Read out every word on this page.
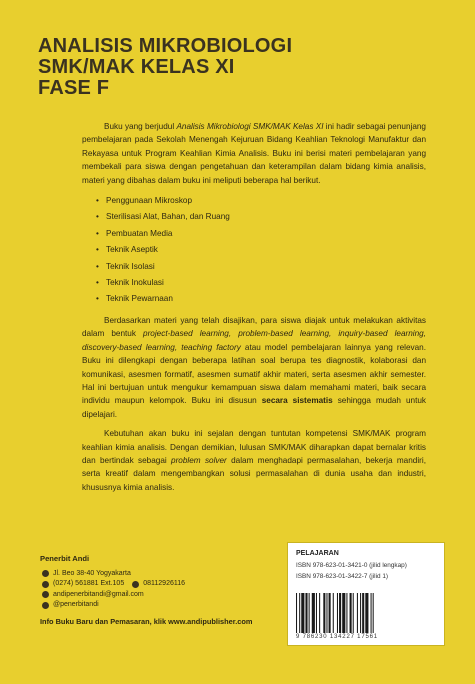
ANALISIS MIKROBIOLOGI
SMK/MAK KELAS XI
FASE F

Buku yang berjudul Analisis Mikrobiologi SMK/MAK Kelas XI ini hadir sebagai penunjang pembelajaran pada Sekolah Menengah Kejuruan Bidang Keahlian Teknologi Manufaktur dan Rekayasa untuk Program Keahlian Kimia Analisis. Buku ini berisi materi pembelajaran yang membekali para siswa dengan pengetahuan dan keterampilan dalam bidang kimia analisis, materi yang dibahas dalam buku ini meliputi beberapa hal berikut.

• Penggunaan Mikroskop
• Sterilisasi Alat, Bahan, dan Ruang
• Pembuatan Media
• Teknik Aseptik
• Teknik Isolasi
• Teknik Inokulasi
• Teknik Pewarnaan

Berdasarkan materi yang telah disajikan, para siswa diajak untuk melakukan aktivitas dalam bentuk project-based learning, problem-based learning, inquiry-based learning, discovery-based learning, teaching factory atau model pembelajaran lainnya yang relevan. Buku ini dilengkapi dengan beberapa latihan soal berupa tes diagnostik, kolaborasi dan komunikasi, asesmen formatif, asesmen sumatif akhir materi, serta asesmen akhir semester. Hal ini bertujuan untuk mengukur kemampuan siswa dalam memahami materi, baik secara individu maupun kelompok. Buku ini disusun secara sistematis sehingga mudah untuk dipelajari.

Kebutuhan akan buku ini sejalan dengan tuntutan kompetensi SMK/MAK program keahlian kimia analisis. Dengan demikian, lulusan SMK/MAK diharapkan dapat bernalar kritis dan bertindak sebagai problem solver dalam menghadapi permasalahan, bekerja mandiri, serta kreatif dalam mengembangkan solusi permasalahan di dunia usaha dan industri, khususnya kimia analisis.

Penerbit Andi
Jl. Beo 38-40 Yogyakarta
(0274) 561881 Ext.105	08112926116
andipenerbitandi@gmail.com
@penerbitandi
Info Buku Baru dan Pemasaran, klik www.andipublisher.com
PELAJARAN
ISBN 978-623-01-3421-0 (jilid lengkap)
ISBN 978-623-01-3422-7 (jilid 1)
9 786230 134227 17561
